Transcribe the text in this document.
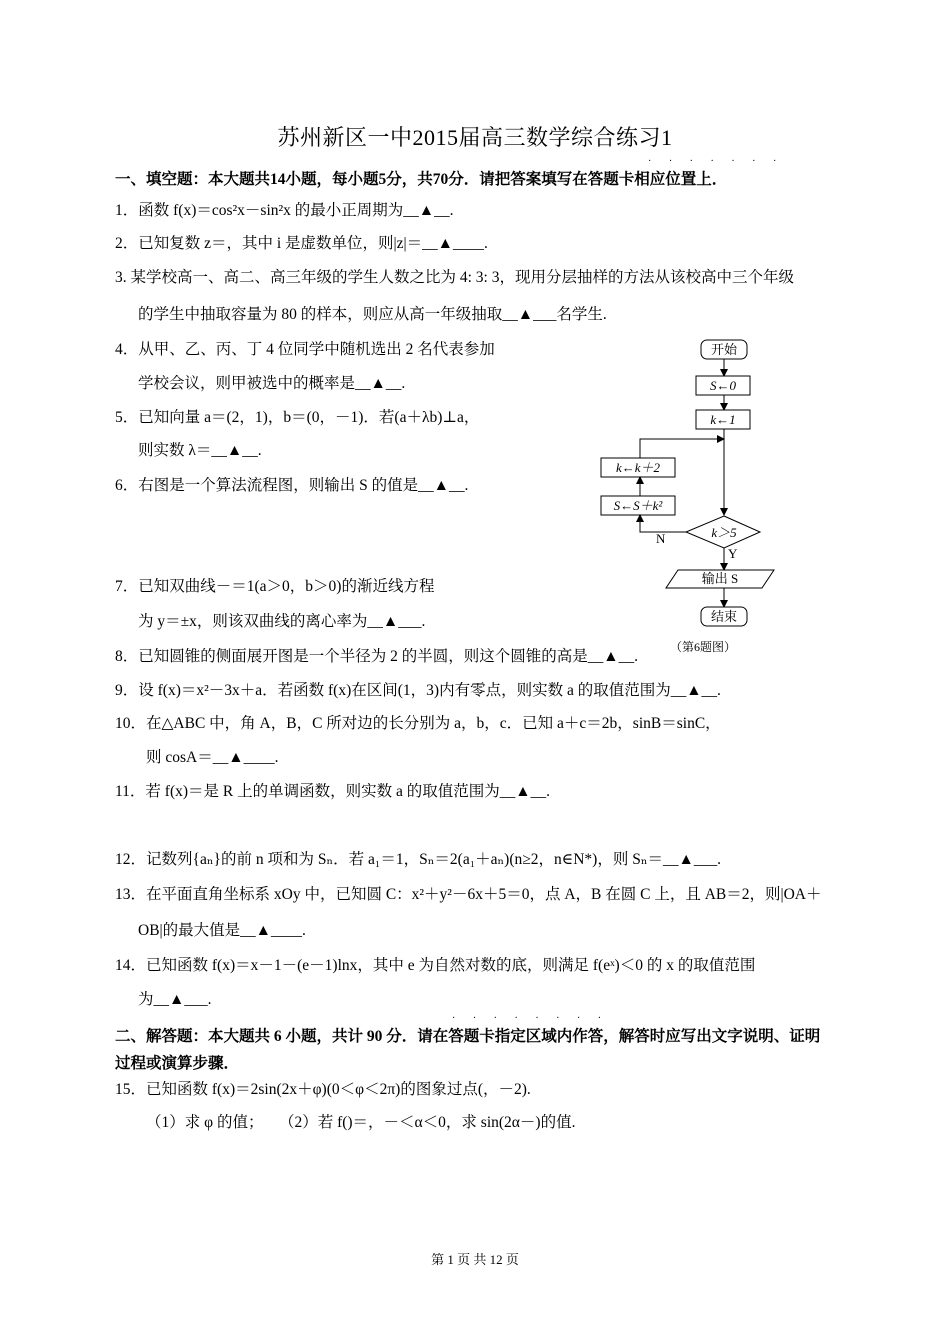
苏州新区一中2015届高三数学综合练习1
· · · · · · ·
一、填空题：本大题共14小题，每小题5分，共70分．请把答案填写在答题卡相应位置上．
1．函数 f(x)＝cos²x－sin²x 的最小正周期为__▲__.
2．已知复数 z＝，其中 i 是虚数单位，则|z|＝__▲____.
3. 某学校高一、高二、高三年级的学生人数之比为 4: 3: 3，现用分层抽样的方法从该校高中三个年级
的学生中抽取容量为 80 的样本，则应从高一年级抽取__▲___名学生.
4．从甲、乙、丙、丁 4 位同学中随机选出 2 名代表参加
学校会议，则甲被选中的概率是__▲__.
5．已知向量 a＝(2，1)，b＝(0，－1)．若(a＋λb)⊥a，
则实数 λ＝__▲__.
6．右图是一个算法流程图，则输出 S 的值是__▲__.
7．已知双曲线－＝1(a＞0，b＞0)的渐近线方程
为 y＝±x，则该双曲线的离心率为__▲___.
8．已知圆锥的侧面展开图是一个半径为 2 的半圆，则这个圆锥的高是__▲__.
9．设 f(x)＝x²－3x＋a．若函数 f(x)在区间(1，3)内有零点，则实数 a 的取值范围为__▲__.
10．在△ABC 中，角 A，B，C 所对边的长分别为 a，b，c．已知 a＋c＝2b，sinB＝sinC，
则 cosA＝__▲____.
11．若 f(x)＝是 R 上的单调函数，则实数 a 的取值范围为__▲__.
12．记数列{aₙ}的前 n 项和为 Sₙ．若 a₁＝1，Sₙ＝2(a₁＋aₙ)(n≥2，n∈N*)，则 Sₙ＝__▲___.
13．在平面直角坐标系 xOy 中，已知圆 C：x²＋y²－6x＋5＝0，点 A，B 在圆 C 上，且 AB＝2，则|OA＋
OB|的最大值是__▲____.
14．已知函数 f(x)＝x－1－(e－1)lnx，其中 e 为自然对数的底，则满足 f(eˣ)＜0 的 x 的取值范围
为__▲___.
· · · · · · · ·
二、解答题：本大题共 6 小题，共计 90 分．请在答题卡指定区域内作答，解答时应写出文字说明、证明
过程或演算步骤．
15．已知函数 f(x)＝2sin(2x＋φ)(0＜φ＜2π)的图象过点(，－2).
（1）求 φ 的值；　　（2）若 f()＝，－＜α＜0，求 sin(2α－)的值.
开始
S←0
k←1
k←k＋2
S←S＋k²
k＞5
N
Y
输出 S
结束
（第6题图）
第 1 页 共 12 页
